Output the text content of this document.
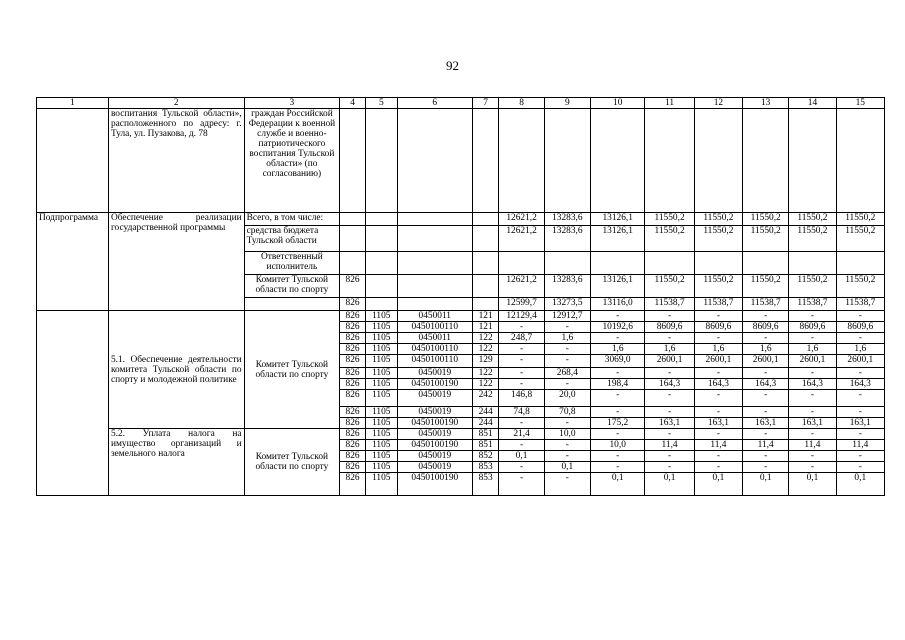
92
1	2	3	4	5	6	7	8	9	10	11	12	13	14	15
	воспитания Тульской области», расположенного по адресу: г. Тула, ул. Пузакова, д. 78	граждан Российской Федерации к военной службе и военно-патриотического воспитания Тульской области» (по согласованию)												
Подпрограмма	Обеспечение реализации государственной программы	Всего, в том числе:					12621,2	13283,6	13126,1	11550,2	11550,2	11550,2	11550,2	11550,2
		средства бюджета Тульской области					12621,2	13283,6	13126,1	11550,2	11550,2	11550,2	11550,2	11550,2
		Ответственный исполнитель												
		Комитет Тульской области по спорту	826				12621,2	13283,6	13126,1	11550,2	11550,2	11550,2	11550,2	11550,2
			826				12599,7	13273,5	13116,0	11538,7	11538,7	11538,7	11538,7	11538,7
	5.1. Обеспечение деятельности комитета Тульской области по спорту и молодежной политике	Комитет Тульской области по спорту	826	1105	0450011	121	12129,4	12912,7	-	-	-	-	-	-
			826	1105	0450100110	121	-	-	10192,6	8609,6	8609,6	8609,6	8609,6	8609,6
			826	1105	0450011	122	248,7	1,6	-	-	-	-	-	-
			826	1105	0450100110	122	-	-	1,6	1,6	1,6	1,6	1,6	1,6
			826	1105	0450100110	129	-	-	3069,0	2600,1	2600,1	2600,1	2600,1	2600,1
			826	1105	0450019	122	-	268,4	-	-	-	-	-	-
			826	1105	0450100190	122	-	-	198,4	164,3	164,3	164,3	164,3	164,3
			826	1105	0450019	242	146,8	20,0	-	-	-	-	-	-
			826	1105	0450019	244	74,8	70,8	-	-	-	-	-	-
			826	1105	0450100190	244	-	-	175,2	163,1	163,1	163,1	163,1	163,1
	5.2. Уплата налога на имущество организаций и земельного налога	Комитет Тульской области по спорту	826	1105	0450019	851	21,4	10,0	-	-	-	-	-	-
			826	1105	0450100190	851	-	-	10,0	11,4	11,4	11,4	11,4	11,4
			826	1105	0450019	852	0,1	-	-	-	-	-	-	-
			826	1105	0450019	853	-	0,1	-	-	-	-	-	-
			826	1105	0450100190	853	-	-	0,1	0,1	0,1	0,1	0,1	0,1
